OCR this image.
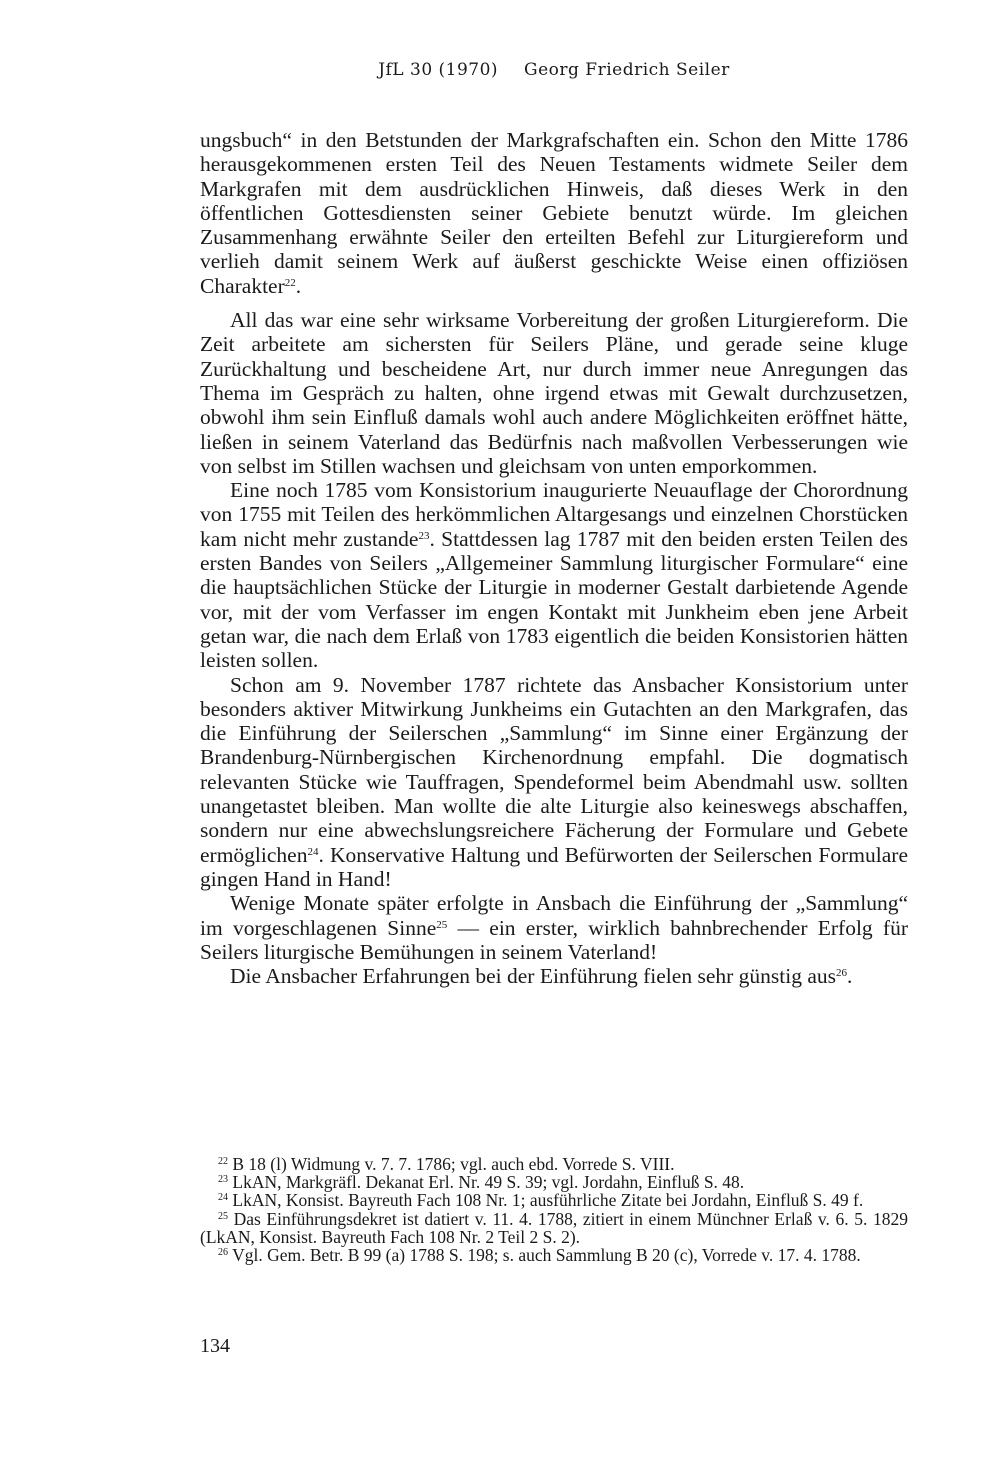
JfL 30 (1970) Georg Friedrich Seiler

ungsbuch“ in den Betstunden der Markgrafschaften ein. Schon den Mitte 1786 herausgekommenen ersten Teil des Neuen Testaments widmete Seiler dem Markgrafen mit dem ausdrücklichen Hinweis, daß dieses Werk in den öffentlichen Gottesdiensten seiner Gebiete benutzt würde. Im gleichen Zusammenhang erwähnte Seiler den erteilten Befehl zur Liturgiereform und verlieh damit seinem Werk auf äußerst geschickte Weise einen offiziösen Charakter$^{22}$.

All das war eine sehr wirksame Vorbereitung der großen Liturgiereform. Die Zeit arbeitete am sichersten für Seilers Pläne, und gerade seine kluge Zurückhaltung und bescheidene Art, nur durch immer neue Anregungen das Thema im Gespräch zu halten, ohne irgend etwas mit Gewalt durchzusetzen, obwohl ihm sein Einfluß damals wohl auch andere Möglichkeiten eröffnet hätte, ließen in seinem Vaterland das Bedürfnis nach maßvollen Verbesserungen wie von selbst im Stillen wachsen und gleichsam von unten emporkommen.

Eine noch 1785 vom Konsistorium inaugurierte Neuauflage der Chorordnung von 1755 mit Teilen des herkömmlichen Altargesangs und einzelnen Chorstücken kam nicht mehr zustande$^{23}$. Stattdessen lag 1787 mit den beiden ersten Teilen des ersten Bandes von Seilers „Allgemeiner Sammlung liturgischer Formulare“ eine die hauptsächlichen Stücke der Liturgie in moderner Gestalt darbietende Agende vor, mit der vom Verfasser im engen Kontakt mit Junkheim eben jene Arbeit getan war, die nach dem Erlaß von 1783 eigentlich die beiden Konsistorien hätten leisten sollen.

Schon am 9. November 1787 richtete das Ansbacher Konsistorium unter besonders aktiver Mitwirkung Junkheims ein Gutachten an den Markgrafen, das die Einführung der Seilerschen „Sammlung“ im Sinne einer Ergänzung der Brandenburg-Nürnbergischen Kirchenordnung empfahl. Die dogmatisch relevanten Stücke wie Tauffragen, Spendeformel beim Abendmahl usw. sollten unangetastet bleiben. Man wollte die alte Liturgie also keineswegs abschaffen, sondern nur eine abwechslungsreichere Fächerung der Formulare und Gebete ermöglichen$^{24}$. Konservative Haltung und Befürworten der Seilerschen Formulare gingen Hand in Hand!

Wenige Monate später erfolgte in Ansbach die Einführung der „Sammlung“ im vorgeschlagenen Sinne$^{25}$ — ein erster, wirklich bahnbrechender Erfolg für Seilers liturgische Bemühungen in seinem Vaterland!

Die Ansbacher Erfahrungen bei der Einführung fielen sehr günstig aus$^{26}$.

$^{22}$ B 18 (l) Widmung v. 7. 7. 1786; vgl. auch ebd. Vorrede S. VIII.

$^{23}$ LkAN, Markgräfl. Dekanat Erl. Nr. 49 S. 39; vgl. Jordahn, Einfluß S. 48.

$^{24}$ LkAN, Konsist. Bayreuth Fach 108 Nr. 1; ausführliche Zitate bei Jordahn, Einfluß S. 49 f.

$^{25}$ Das Einführungsdekret ist datiert v. 11. 4. 1788, zitiert in einem Münchner Erlaß v. 6. 5. 1829 (LkAN, Konsist. Bayreuth Fach 108 Nr. 2 Teil 2 S. 2).

$^{26}$ Vgl. Gem. Betr. B 99 (a) 1788 S. 198; s. auch Sammlung B 20 (c), Vorrede v. 17. 4. 1788.

134
